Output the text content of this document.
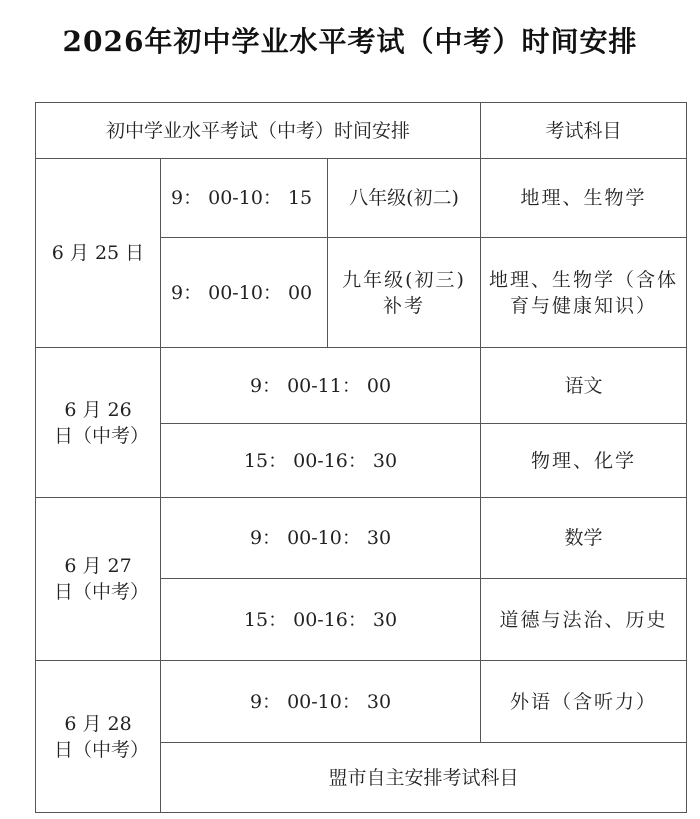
2026年初中学业水平考试（中考）时间安排
初中学业水平考试（中考）时间安排			考试科目
6 月 25 日	9： 00-10： 15	八年级(初二)	地理、生物学
	9： 00-10： 00	九年级(初三)补考	地理、生物学（含体育与健康知识）
6 月 26 日（中考）	9： 00-11： 00		语文
	15： 00-16： 30		物理、化学
6 月 27 日（中考）	9： 00-10： 30		数学
	15： 00-16： 30		道德与法治、历史
6 月 28 日（中考）	9： 00-10： 30		外语（含听力）
	盟市自主安排考试科目		
